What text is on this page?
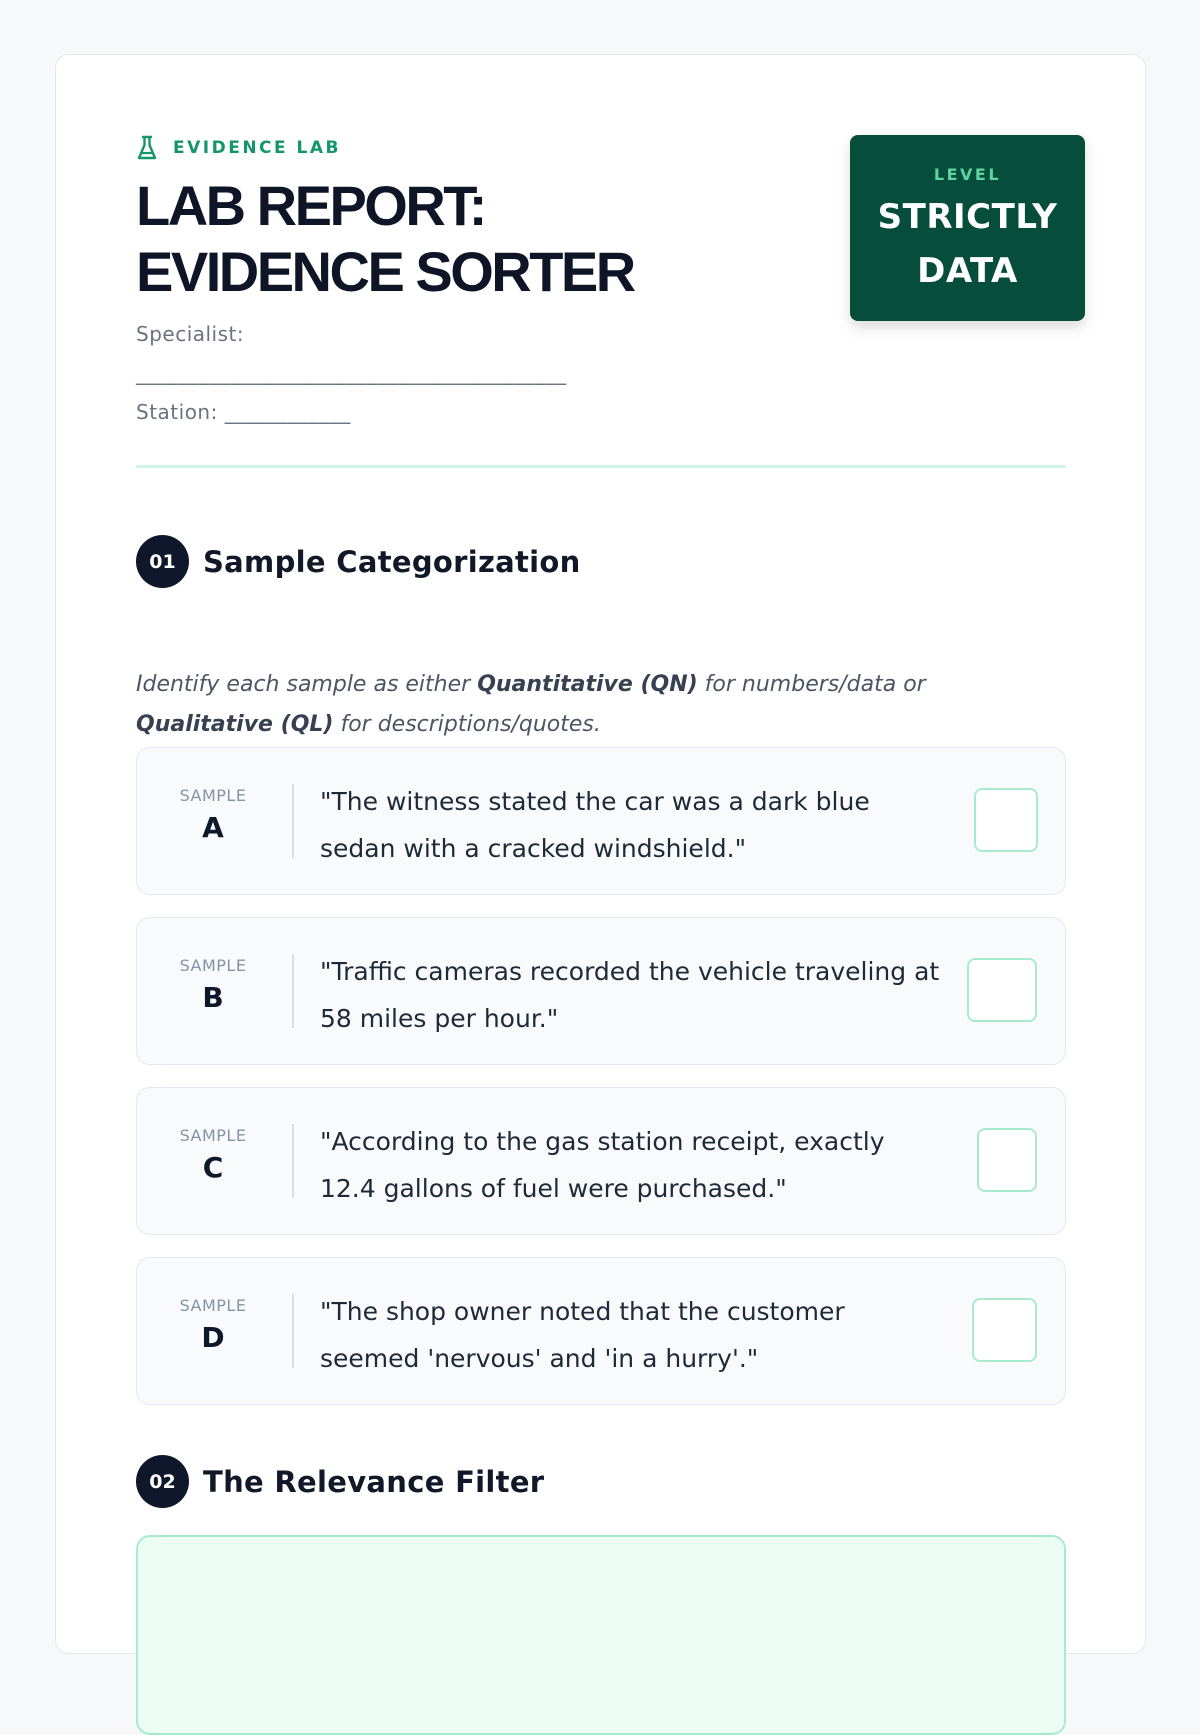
EVIDENCE LAB
LAB REPORT:
EVIDENCE SORTER
Specialist:
_________________________________________
Station: ____________
LEVEL
STRICTLY
DATA
01 Sample Categorization
Identify each sample as either Quantitative (QN) for numbers/data or Qualitative (QL) for descriptions/quotes.
SAMPLE
A
"The witness stated the car was a dark blue sedan with a cracked windshield."
SAMPLE
B
"Traffic cameras recorded the vehicle traveling at 58 miles per hour."
SAMPLE
C
"According to the gas station receipt, exactly 12.4 gallons of fuel were purchased."
SAMPLE
D
"The shop owner noted that the customer seemed 'nervous' and 'in a hurry'."
02 The Relevance Filter
